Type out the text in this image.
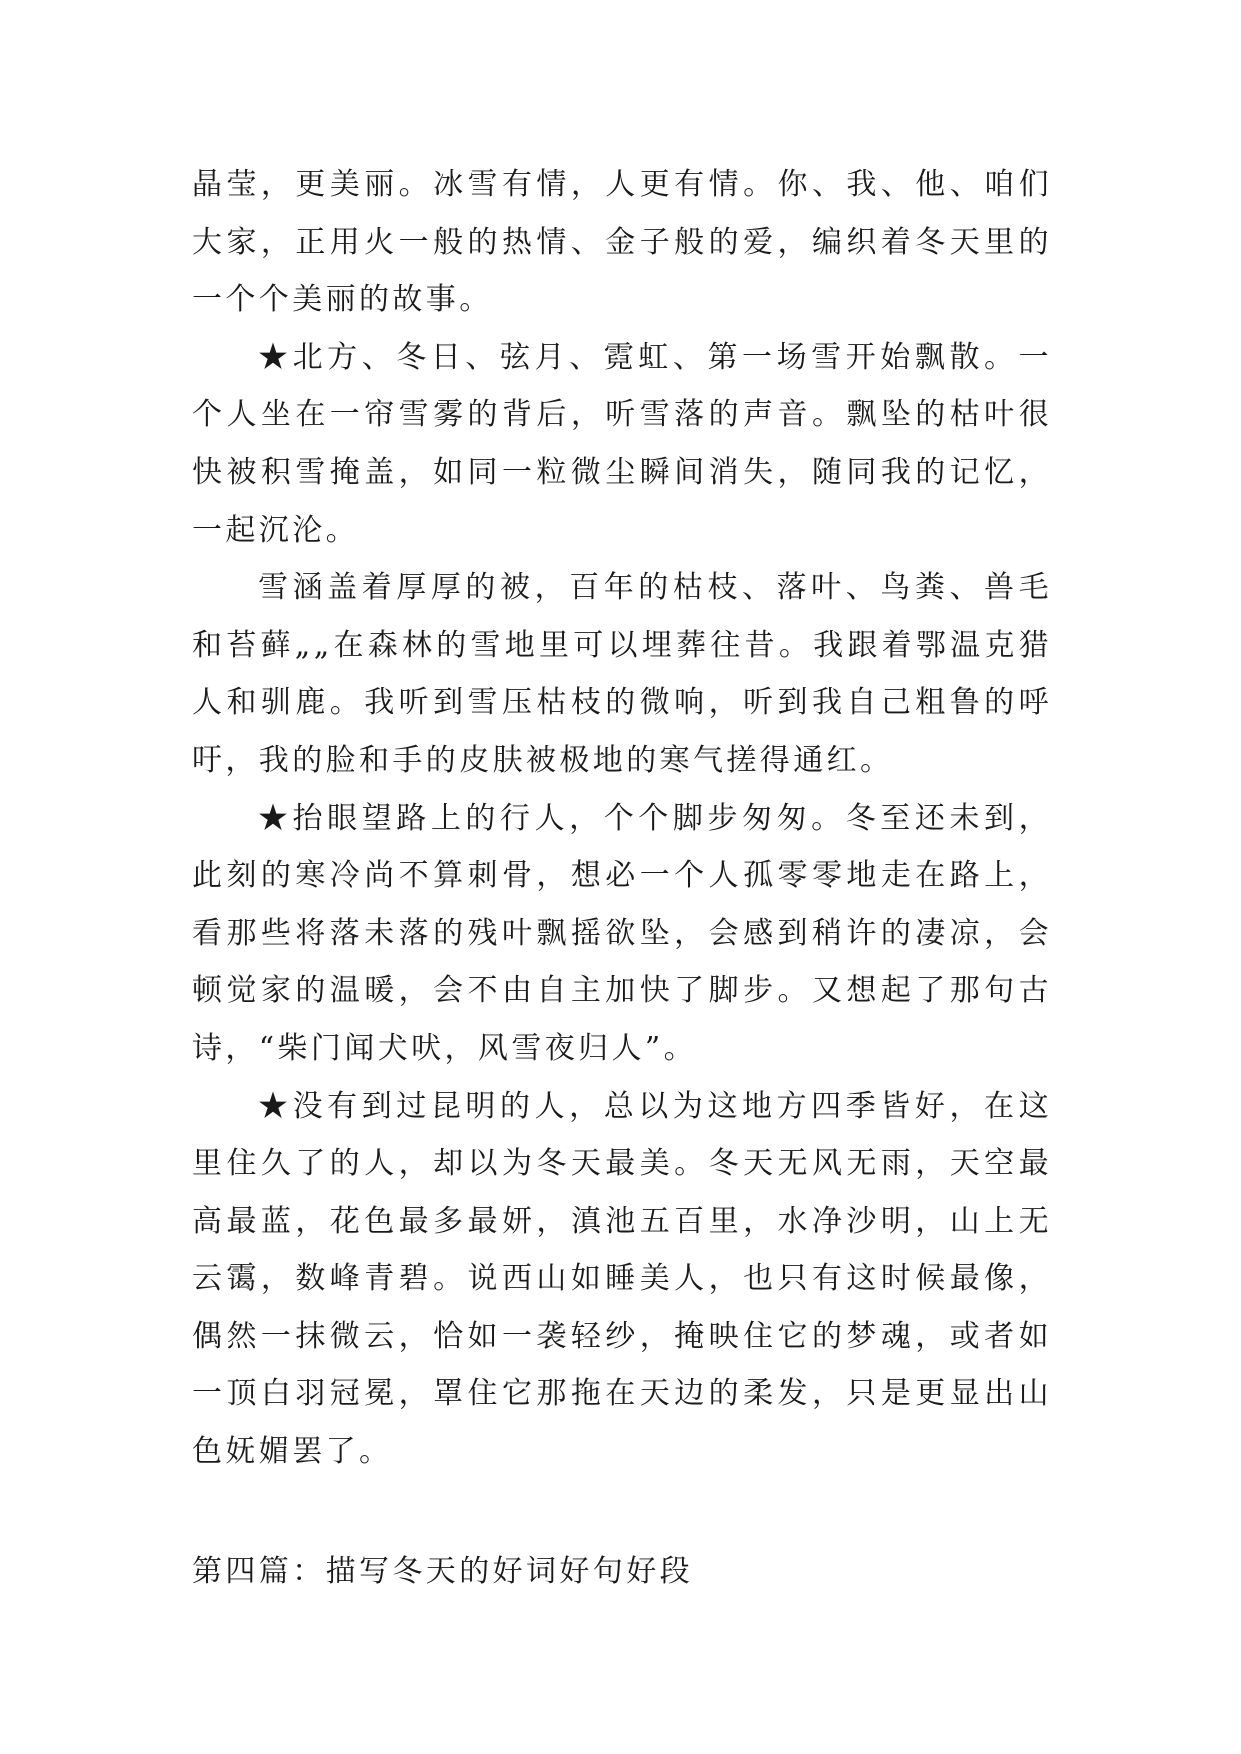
晶莹，更美丽。冰雪有情，人更有情。你、我、他、咱们大家，正用火一般的热情、金子般的爱，编织着冬天里的一个个美丽的故事。

★北方、冬日、弦月、霓虹、第一场雪开始飘散。一个人坐在一帘雪雾的背后，听雪落的声音。飘坠的枯叶很快被积雪掩盖，如同一粒微尘瞬间消失，随同我的记忆，一起沉沦。

雪涵盖着厚厚的被，百年的枯枝、落叶、鸟粪、兽毛和苔藓„„在森林的雪地里可以埋葬往昔。我跟着鄂温克猎人和驯鹿。我听到雪压枯枝的微响，听到我自己粗鲁的呼吁，我的脸和手的皮肤被极地的寒气搓得通红。

★抬眼望路上的行人，个个脚步匆匆。冬至还未到，此刻的寒冷尚不算刺骨，想必一个人孤零零地走在路上，看那些将落未落的残叶飘摇欲坠，会感到稍许的凄凉，会顿觉家的温暖，会不由自主加快了脚步。又想起了那句古诗，“柴门闻犬吠，风雪夜归人”。

★没有到过昆明的人，总以为这地方四季皆好，在这里住久了的人，却以为冬天最美。冬天无风无雨，天空最高最蓝，花色最多最妍，滇池五百里，水净沙明，山上无云霭，数峰青碧。说西山如睡美人，也只有这时候最像，偶然一抹微云，恰如一袭轻纱，掩映住它的梦魂，或者如一顶白羽冠冕，罩住它那拖在天边的柔发，只是更显出山色妩媚罢了。

第四篇：描写冬天的好词好句好段
